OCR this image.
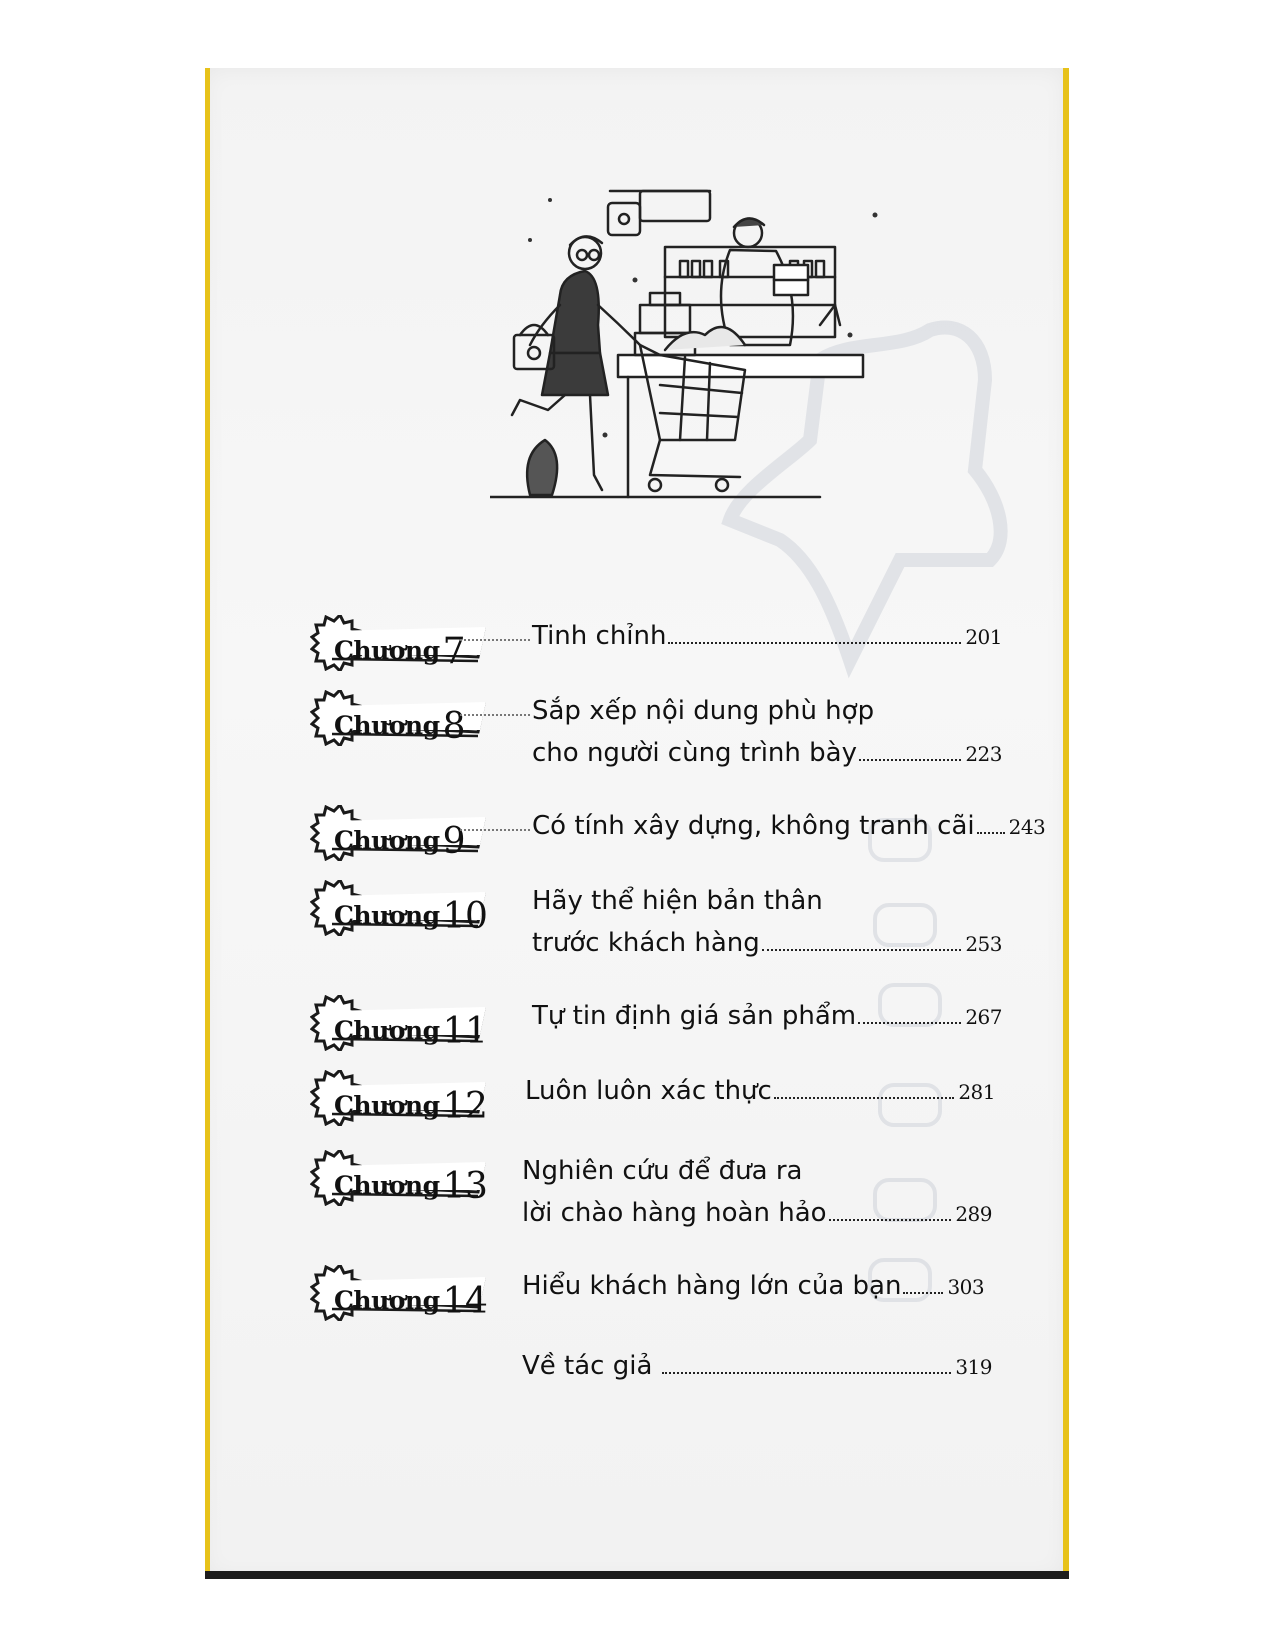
Chương7	Tinh chỉnh	201
Chương8	Sắp xếp nội dung phù hợp
cho người cùng trình bày	223
Chương9	Có tính xây dựng, không tranh cãi 243
Chương10 Hãy thể hiện bản thân
trước khách hàng	253
Chương11 Tự tin định giá sản phẩm	267
Chương12 Luôn luôn xác thực	281
Chương13 Nghiên cứu để đưa ra
lời chào hàng hoàn hảo	289
Chương14 Hiểu khách hàng lớn của bạn 303
Về tác giả	319
